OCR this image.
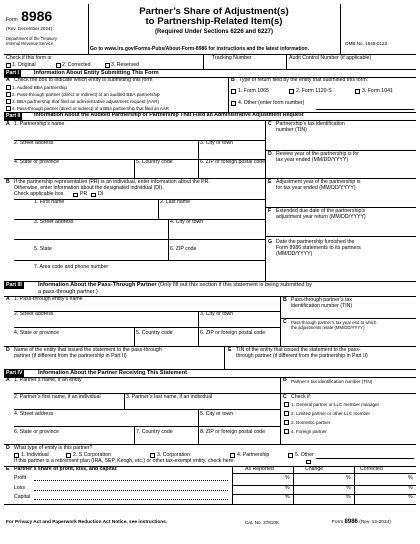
Form 8986
(Rev. December 2024)
Department of the Treasury
Internal Revenue Service
Partner’s Share of Adjustment(s)
to Partnership-Related Item(s)
(Required Under Sections 6226 and 6227)
Go to www.irs.gov/Forms-Pubs/About-Form-8986 for instructions and the latest information.
OMB No. 1545-0123
Check if this form is:
1. Original	2. Corrected	3. Reserved
Tracking Number	Audit Control Number (if applicable)
Part I	Information About Entity Submitting This Form
A Check the box to indicate which entity is submitting this form
1. Audited BBA partnership
2. Pass-through partner (direct or indirect) of an audited BBA partnership
3. BBA partnership that filed an administrative adjustment request (AAR)
4. Pass-through partner (direct or indirect) of a BBA partnership that filed an AAR
B Type of return filed by the entity that submitted this form:
1. Form 1065	2. Form 1120-S	3. Form 1041
4. Other (enter form number)
Part II	Information About the Audited Partnership or Partnership That Filed an Administrative Adjustment Request
A 1. Partnership’s name
2. Street address	3. City or town
4. State or province	5. Country code	6. ZIP or foreign postal code
C Partnership’s tax identification
number (TIN)
D Review year of the partnership is for
tax year ended (MM/DD/YYYY)
B If the partnership representative (PR) is an individual, enter information about the PR.
Otherwise, enter information about the designated individual (DI).
Check applicable box.	PR DI
1. First name	2. Last name
3. Street address	4. City or town
5. State	6. ZIP code
7. Area code and phone number
E Adjustment year of the partnership is
for tax year ended (MM/DD/YYYY)
F Extended due date of the partnership’s
adjustment year return (MM/DD/YYYY)
G Date the partnership furnished the
Form 8986 statements to its partners
(MM/DD/YYYY)
Part III	Information About the Pass-Through Partner (Only fill out this section if this statement is being submitted by
a pass-through partner.)
A 1. Pass-through entity’s name
2. Street address	3. City or town
4. State or province	5. Country code	6. ZIP or foreign postal code
B Pass-through partner’s tax
identification number (TIN)
C Pass-through partner’s tax year end to which
the adjustments relate (MM/DD/YYYY)
D Name of the entity that issued the statement to the pass-through
partner (if different from the partnership in Part II)
E TIN of the entity that issued the statement to the pass-
through partner (if different from the partnership in Part II)
Part IV	Information About the Partner Receiving This Statement
A 1. Partner’s name, if an entity
2. Partner’s first name, if an individual	3. Partner’s last name, if an individual
4. Street address	5. City or town
6. State or province	7. Country code	8. ZIP or foreign postal code
B Partner’s tax identification number (TIN)
C Check if:
1. General partner or LLC member manager
2. Limited partner or other LLC member
3. Domestic partner
4. Foreign partner
D What type of entity is this partner?
1. Individual	2. S Corporation	3. Corporation	4. Partnership	5. Other
If this partner is a retirement plan (IRA, SEP, Keogh, etc.) or other tax-exempt entity, check here
E Partner’s share of profit, loss, and capital:	As Reported	Change	Corrected
Profit	%	%	%
Loss	%	%	%
Capital	%	%	%
For Privacy Act and Paperwork Reduction Act Notice, see instructions.	Cat. No. 37810K	Form 8986 (Rev. 12-2024)
